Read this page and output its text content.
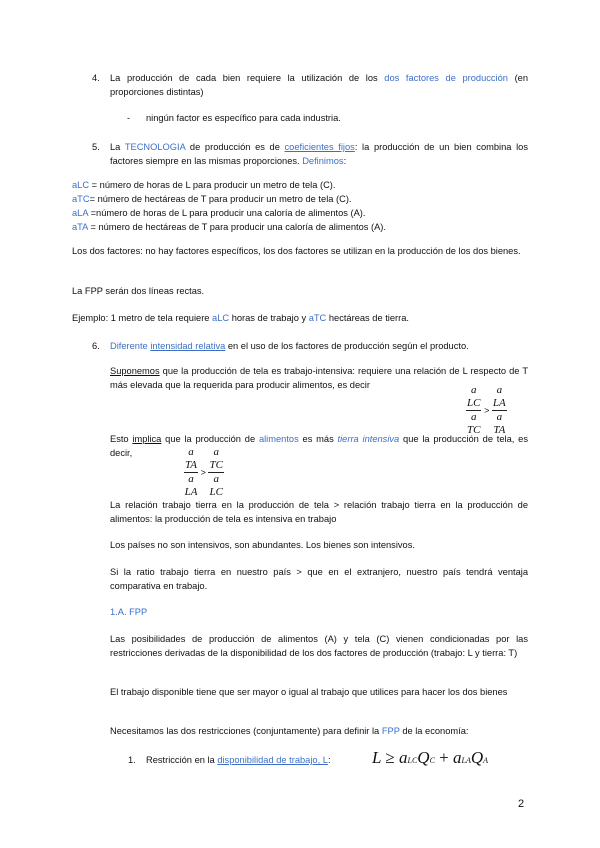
4. La producción de cada bien requiere la utilización de los dos factores de producción (en proporciones distintas)
- ningún factor es específico para cada industria.
5. La TECNOLOGIA de producción es de coeficientes fijos: la producción de un bien combina los factores siempre en las mismas proporciones. Definimos:
aLC = número de horas de L para producir un metro de tela (C).
aTC= número de hectáreas de T para producir un metro de tela (C).
aLA =número de horas de L para producir una caloría de alimentos (A).
aTA = número de hectáreas de T para producir una caloría de alimentos (A).
Los dos factores: no hay factores específicos, los dos factores se utilizan en la producción de los dos bienes.
La FPP serán dos líneas rectas.
Ejemplo: 1 metro de tela requiere aLC horas de trabajo y aTC hectáreas de tierra.
6. Diferente intensidad relativa en el uso de los factores de producción según el producto.
Suponemos que la producción de tela es trabajo-intensiva: requiere una relación de L respecto de T más elevada que la requerida para producir alimentos, es decir	a
LC
a
TC > a
LA
a
TA
Esto implica que la producción de alimentos es más tierra intensiva que la producción de tela, es decir,	a
TA
a
LA > a
TC
a
LC
La relación trabajo tierra en la producción de tela > relación trabajo tierra en la producción de alimentos: la producción de tela es intensiva en trabajo
Los países no son intensivos, son abundantes. Los bienes son intensivos.
Si la ratio trabajo tierra en nuestro país > que en el extranjero, nuestro país tendrá ventaja comparativa en trabajo.
1.A. FPP
Las posibilidades de producción de alimentos (A) y tela (C) vienen condicionadas por las restricciones derivadas de la disponibilidad de los dos factores de producción (trabajo: L y tierra: T)
El trabajo disponible tiene que ser mayor o igual al trabajo que utilices para hacer los dos bienes
Necesitamos las dos restricciones (conjuntamente) para definir la FPP de la economía:
1. Restricción en la disponibilidad de trabajo, L: L ≥ aLCQC + aLAQA
2
